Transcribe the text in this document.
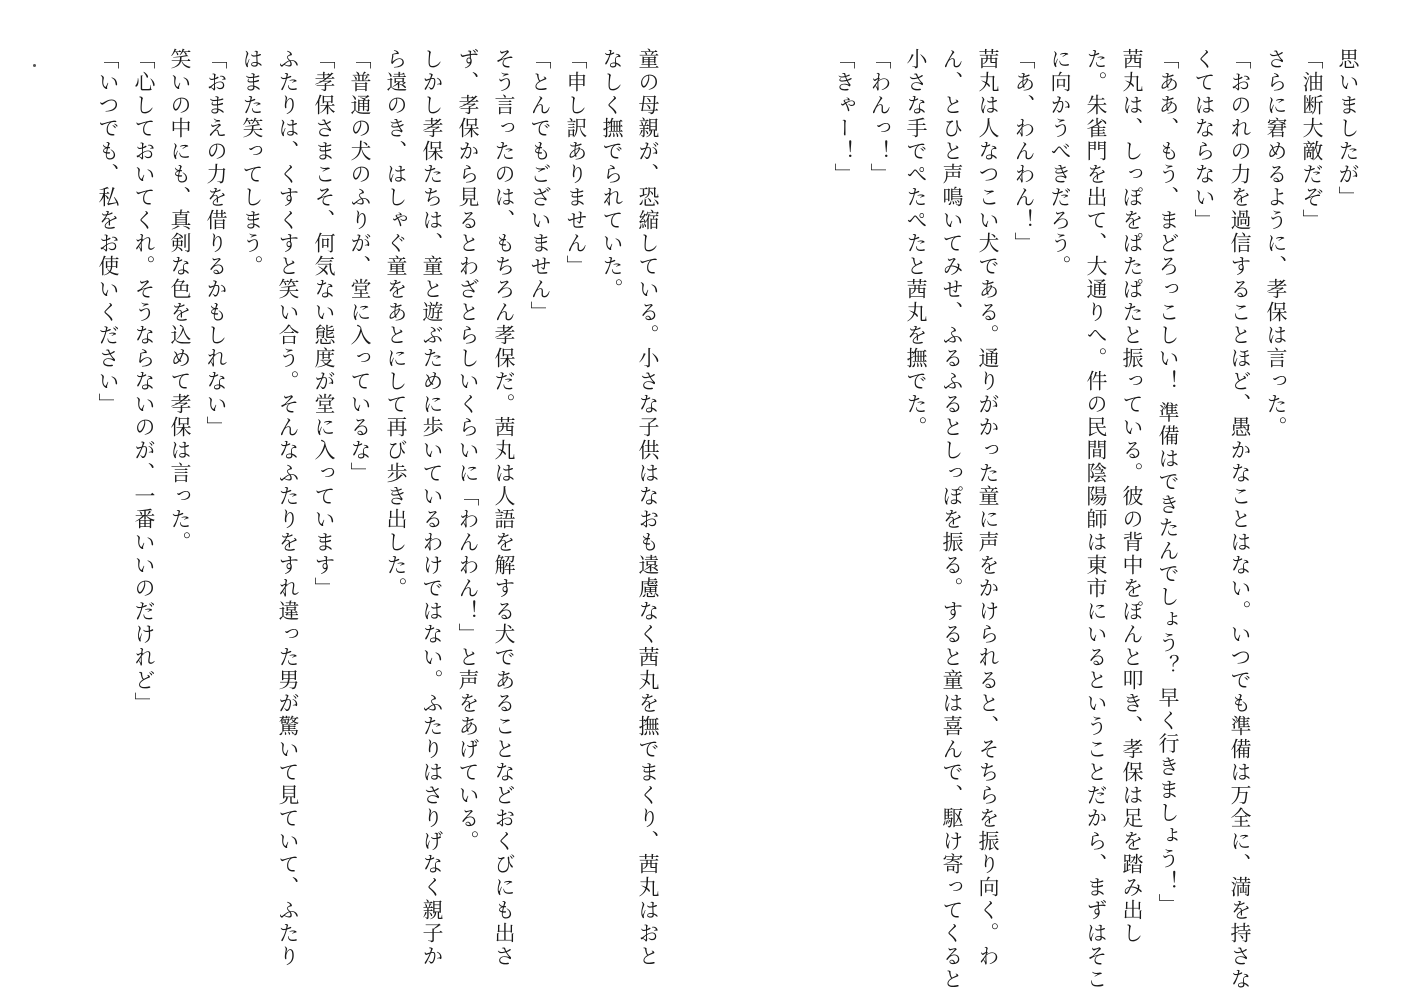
思いましたが」
「油断大敵だぞ」
さらに窘めるように、孝保は言った。
「おのれの力を過信することほど、愚かなことはない。いつでも準備は万全に、満を持さな
くてはならない」
「ああ、もう、まどろっこしい！ 準備はできたんでしょう？ 早く行きましょう！」
茜丸は、しっぽをぱたぱたと振っている。彼の背中をぽんと叩き、孝保は足を踏み出し
た。朱雀門を出て、大通りへ。件の民間陰陽師は東市にいるということだから、まずはそこ
に向かうべきだろう。
「あ、わんわん！」
茜丸は人なつこい犬である。通りがかった童に声をかけられると、そちらを振り向く。わ
ん、とひと声鳴いてみせ、ふるふるとしっぽを振る。すると童は喜んで、駆け寄ってくると
小さな手でぺたぺたと茜丸を撫でた。
「わんっ！」
「きゃー！」
童の母親が、恐縮している。小さな子供はなおも遠慮なく茜丸を撫でまくり、茜丸はおと
なしく撫でられていた。
「申し訳ありません」
「とんでもございません」
そう言ったのは、もちろん孝保だ。茜丸は人語を解する犬であることなどおくびにも出さ
ず、孝保から見るとわざとらしいくらいに「わんわん！」と声をあげている。
しかし孝保たちは、童と遊ぶために歩いているわけではない。ふたりはさりげなく親子か
ら遠のき、はしゃぐ童をあとにして再び歩き出した。
「普通の犬のふりが、堂に入っているな」
「孝保さまこそ、何気ない態度が堂に入っています」
ふたりは、くすくすと笑い合う。そんなふたりをすれ違った男が驚いて見ていて、ふたり
はまた笑ってしまう。
「おまえの力を借りるかもしれない」
笑いの中にも、真剣な色を込めて孝保は言った。
「心しておいてくれ。そうならないのが、一番いいのだけれど」
「いつでも、私をお使いください」
